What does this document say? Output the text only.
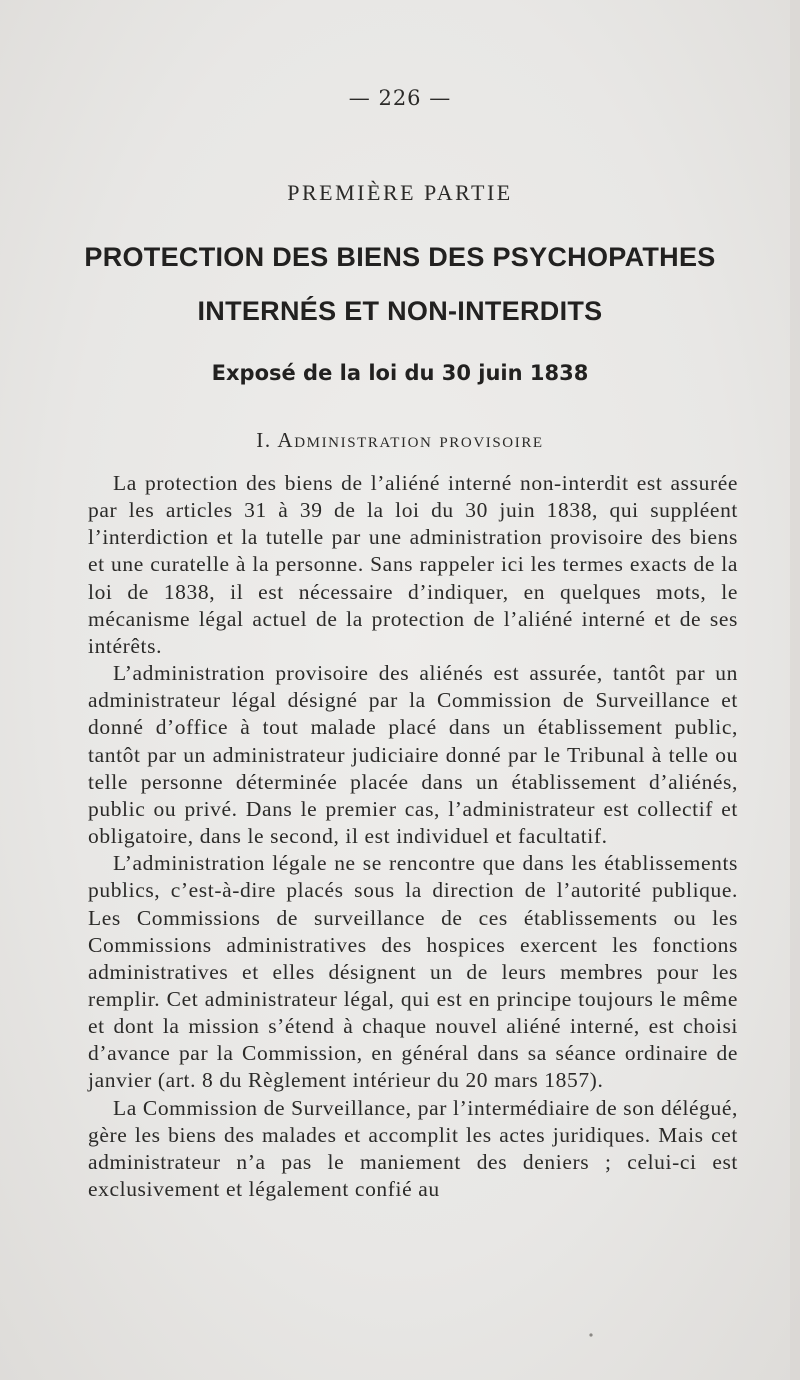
— 226 —
PREMIÈRE PARTIE
PROTECTION DES BIENS DES PSYCHOPATHES
INTERNÉS ET NON-INTERDITS
Exposé de la loi du 30 juin 1838
I. Administration provisoire

La protection des biens de l’aliéné interné non-interdit est assurée par les articles 31 à 39 de la loi du 30 juin 1838, qui suppléent l’interdiction et la tutelle par une administration provisoire des biens et une curatelle à la personne. Sans rappeler ici les termes exacts de la loi de 1838, il est nécessaire d’indiquer, en quelques mots, le mécanisme légal actuel de la protection de l’aliéné interné et de ses intérêts.

L’administration provisoire des aliénés est assurée, tantôt par un administrateur légal désigné par la Commission de Surveillance et donné d’office à tout malade placé dans un établissement public, tantôt par un administrateur judiciaire donné par le Tribunal à telle ou telle personne déterminée placée dans un établissement d’aliénés, public ou privé. Dans le premier cas, l’administrateur est collectif et obligatoire, dans le second, il est individuel et facultatif.

L’administration légale ne se rencontre que dans les établissements publics, c’est-à-dire placés sous la direction de l’autorité publique. Les Commissions de surveillance de ces établissements ou les Commissions administratives des hospices exercent les fonctions administratives et elles désignent un de leurs membres pour les remplir. Cet administrateur légal, qui est en principe toujours le même et dont la mission s’étend à chaque nouvel aliéné interné, est choisi d’avance par la Commission, en général dans sa séance ordinaire de janvier (art. 8 du Règlement intérieur du 20 mars 1857).

La Commission de Surveillance, par l’intermédiaire de son délégué, gère les biens des malades et accomplit les actes juridiques. Mais cet administrateur n’a pas le maniement des deniers ; celui-ci est exclusivement et légalement confié au
